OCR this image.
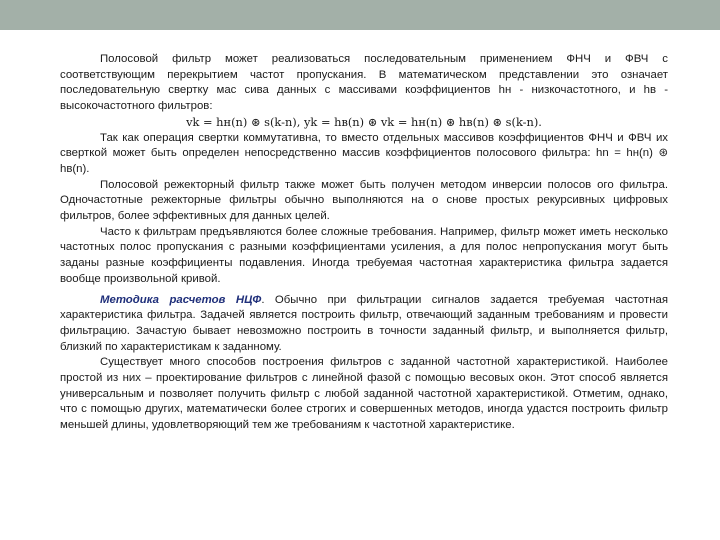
Полосовой фильтр может реализоваться последовательным применением ФНЧ и ФВЧ с соответствующим перекрытием частот пропускания. В математическом представлении это означает последовательную свертку мас сива данных с массивами коэффициентов hн - низкочастотного, и hв - высокочастотного фильтров:

vk = hн(n) ⊛ s(k-n), yk = hв(n) ⊛ vk = hн(n) ⊛ hв(n) ⊛ s(k-n).

Так как операция свертки коммутативна, то вместо отдельных массивов коэффициентов ФНЧ и ФВЧ их сверткой может быть определен непосредственно массив коэффициентов полосового фильтра: hn = hн(n) ⊛ hв(n).

Полосовой режекторный фильтр также может быть получен методом инверсии полосов ого фильтра. Одночастотные режекторные фильтры обычно выполняются на о снове простых рекурсивных цифровых фильтров, более эффективных для данных целей.

Часто к фильтрам предъявляются более сложные требования. Например, фильтр может иметь несколько частотных полос пропускания с разными коэффициентами усиления, а для полос непропускания могут быть заданы разные коэффициенты подавления. Иногда требуемая частотная характеристика фильтра задается вообще произвольной кривой.

Методика расчетов НЦФ. Обычно при фильтрации сигналов задается требуемая частотная характеристика фильтра. Задачей является построить фильтр, отвечающий заданным требованиям и провести фильтрацию. Зачастую бывает невозможно построить в точности заданный фильтр, и выполняется фильтр, близкий по характеристикам к заданному.

Существует много способов построения фильтров с заданной частотной характеристикой. Наиболее простой из них – проектирование фильтров с линейной фазой с помощью весовых окон. Этот способ является универсальным и позволяет получить фильтр с любой заданной частотной характеристикой. Отметим, однако, что с помощью других, математически более строгих и совершенных методов, иногда удастся построить фильтр меньшей длины, удовлетворяющий тем же требованиям к частотной характеристике.
